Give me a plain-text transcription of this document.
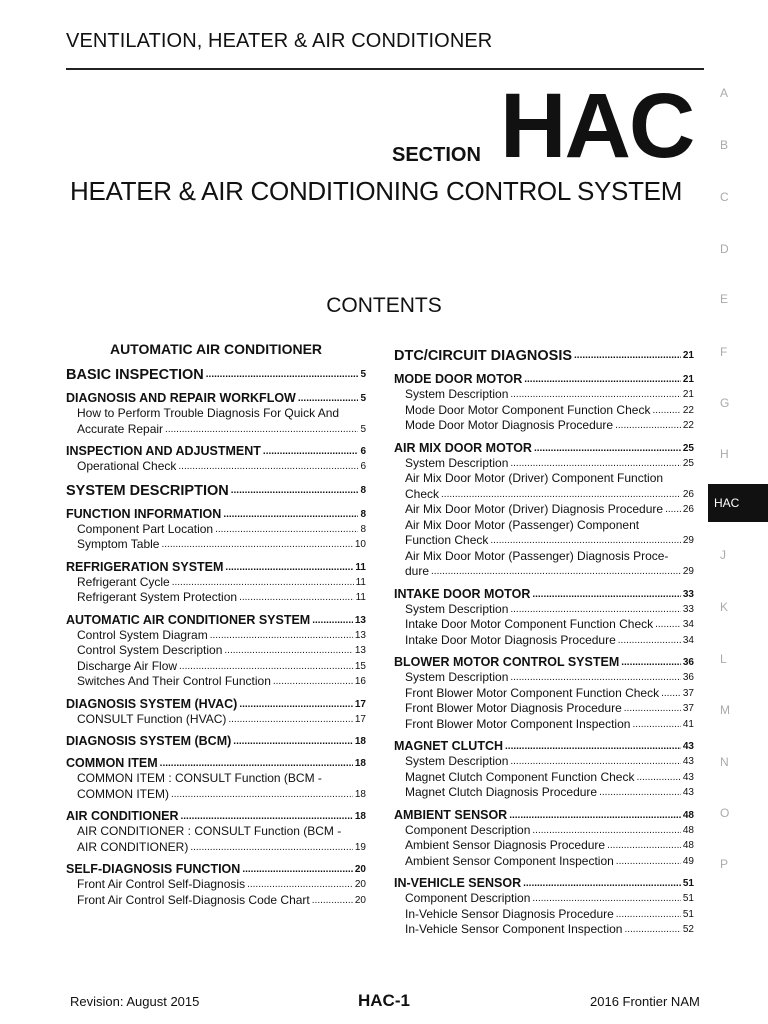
VENTILATION, HEATER & AIR CONDITIONER
SECTION HAC
HEATER & AIR CONDITIONING CONTROL SYSTEM
CONTENTS
A
B
C
D
E
F
G
H
J
K
L
M
N
O
P
HAC
AUTOMATIC AIR CONDITIONER
BASIC INSPECTION .....	5
DIAGNOSIS AND REPAIR WORKFLOW .....	5
How to Perform Trouble Diagnosis For Quick And
Accurate Repair .....	5
INSPECTION AND ADJUSTMENT .....	6
Operational Check .....	6
SYSTEM DESCRIPTION .....	8
FUNCTION INFORMATION .....	8
Component Part Location .....	8
Symptom Table .....	10
REFRIGERATION SYSTEM .....	11
Refrigerant Cycle .....	11
Refrigerant System Protection .....	11
AUTOMATIC AIR CONDITIONER SYSTEM .....	13
Control System Diagram .....	13
Control System Description .....	13
Discharge Air Flow .....	15
Switches And Their Control Function .....	16
DIAGNOSIS SYSTEM (HVAC) .....	17
CONSULT Function (HVAC) .....	17
DIAGNOSIS SYSTEM (BCM) .....	18
COMMON ITEM .....	18
COMMON ITEM : CONSULT Function (BCM -
COMMON ITEM) .....	18
AIR CONDITIONER .....	18
AIR CONDITIONER : CONSULT Function (BCM -
AIR CONDITIONER) .....	19
SELF-DIAGNOSIS FUNCTION .....	20
Front Air Control Self-Diagnosis .....	20
Front Air Control Self-Diagnosis Code Chart .....	20
DTC/CIRCUIT DIAGNOSIS .....	21
MODE DOOR MOTOR .....	21
System Description .....	21
Mode Door Motor Component Function Check .....	22
Mode Door Motor Diagnosis Procedure .....	22
AIR MIX DOOR MOTOR .....	25
System Description .....	25
Air Mix Door Motor (Driver) Component Function
Check .....	26
Air Mix Door Motor (Driver) Diagnosis Procedure ..... 26
Air Mix Door Motor (Passenger) Component
Function Check .....	29
Air Mix Door Motor (Passenger) Diagnosis Proce-
dure .....	29
INTAKE DOOR MOTOR .....	33
System Description .....	33
Intake Door Motor Component Function Check .....	34
Intake Door Motor Diagnosis Procedure .....	34
BLOWER MOTOR CONTROL SYSTEM .....	36
System Description .....	36
Front Blower Motor Component Function Check ..... 37
Front Blower Motor Diagnosis Procedure .....	37
Front Blower Motor Component Inspection .....	41
MAGNET CLUTCH .....	43
System Description .....	43
Magnet Clutch Component Function Check .....	43
Magnet Clutch Diagnosis Procedure .....	43
AMBIENT SENSOR .....	48
Component Description .....	48
Ambient Sensor Diagnosis Procedure .....	48
Ambient Sensor Component Inspection .....	49
IN-VEHICLE SENSOR .....	51
Component Description .....	51
In-Vehicle Sensor Diagnosis Procedure .....	51
In-Vehicle Sensor Component Inspection .....	52
Revision: August 2015	HAC-1	2016 Frontier NAM
